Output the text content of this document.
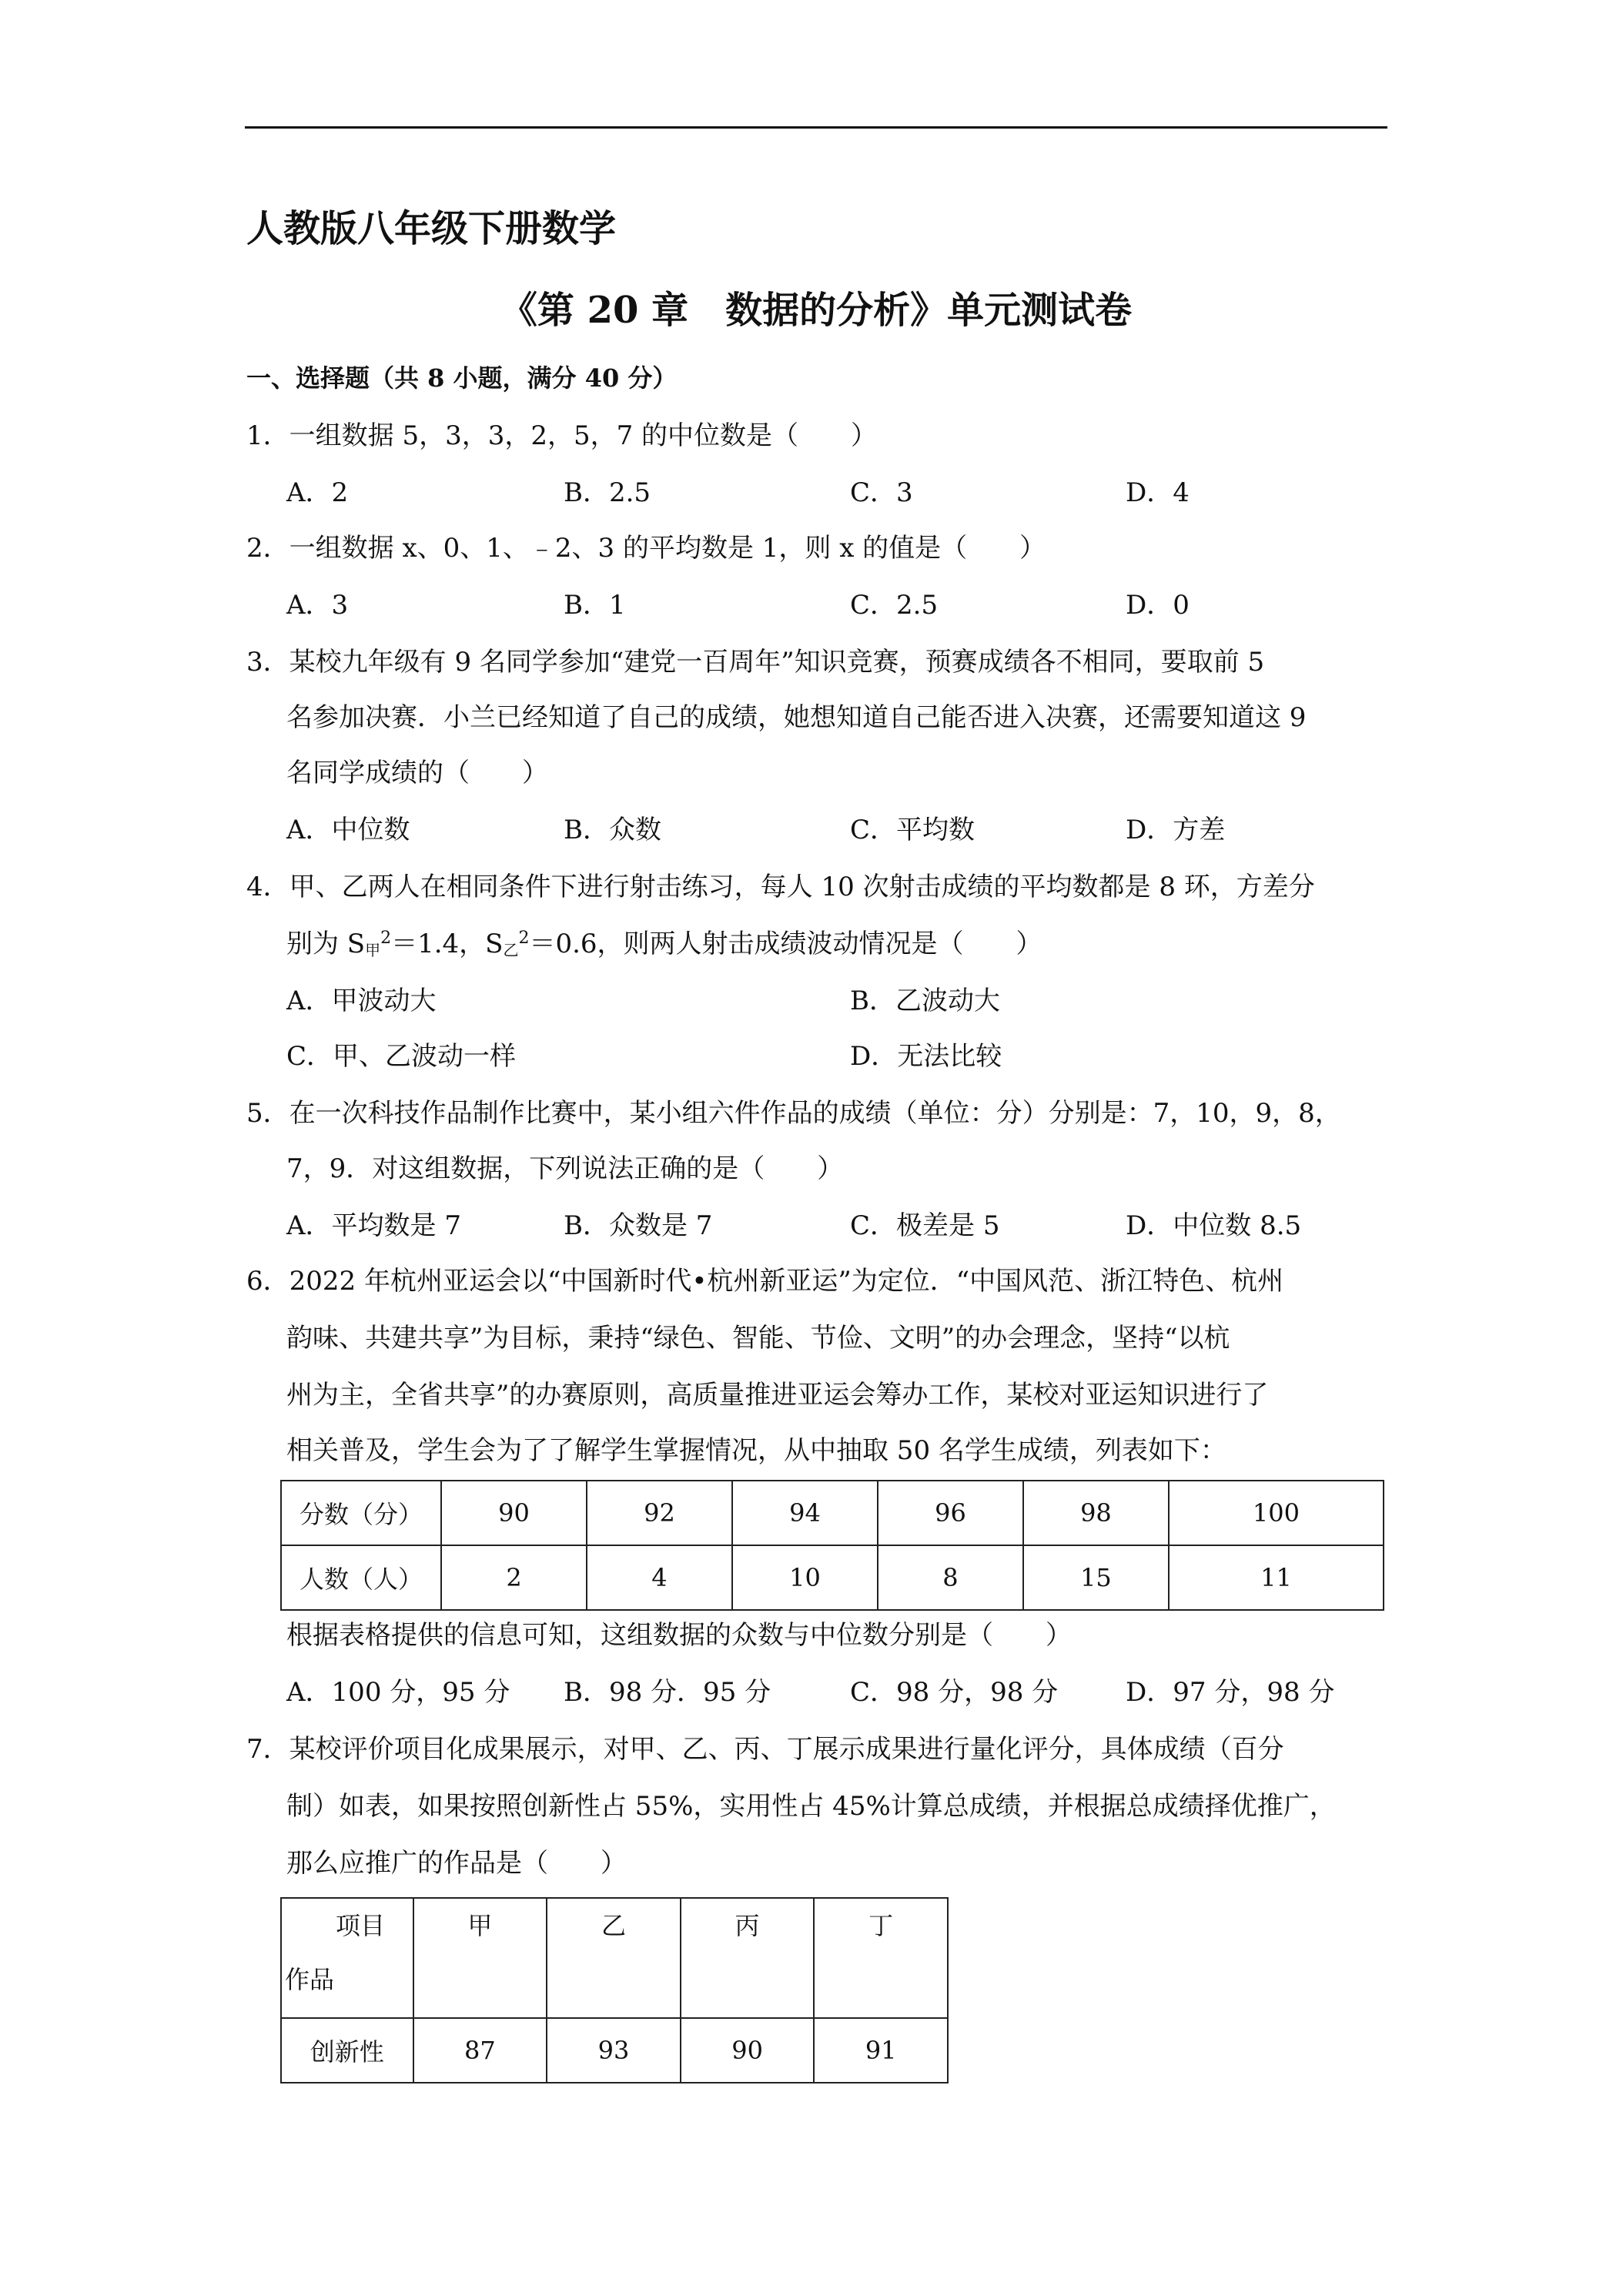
人教版八年级下册数学
《第 20 章　数据的分析》单元测试卷
一、选择题（共 8 小题，满分 40 分）
1．一组数据 5，3，3，2，5，7 的中位数是（　　）
A．2	B．2.5	C．3	D．4
2．一组数据 x、0、1、﹣2、3 的平均数是 1，则 x 的值是（　　）
A．3	B．1	C．2.5	D．0
3．某校九年级有 9 名同学参加“建党一百周年”知识竞赛，预赛成绩各不相同，要取前 5
名参加决赛．小兰已经知道了自己的成绩，她想知道自己能否进入决赛，还需要知道这 9
名同学成绩的（　　）
A．中位数	B．众数	C．平均数	D．方差
4．甲、乙两人在相同条件下进行射击练习，每人 10 次射击成绩的平均数都是 8 环，方差分
别为 $S_甲^2=1.4$，$S_乙^2=0.6$，则两人射击成绩波动情况是（　　）
A．甲波动大	B．乙波动大
C．甲、乙波动一样	D．无法比较
5．在一次科技作品制作比赛中，某小组六件作品的成绩（单位：分）分别是：7，10，9，8，
7，9．对这组数据，下列说法正确的是（　　）
A．平均数是 7	B．众数是 7	C．极差是 5	D．中位数 8.5
6．2022 年杭州亚运会以“中国新时代•杭州新亚运”为定位．“中国风范、浙江特色、杭州
韵味、共建共享”为目标，秉持“绿色、智能、节俭、文明”的办会理念，坚持“以杭
州为主，全省共享”的办赛原则，高质量推进亚运会筹办工作，某校对亚运知识进行了
相关普及，学生会为了了解学生掌握情况，从中抽取 50 名学生成绩，列表如下：
分数（分）	90	92	94	96	98	100
人数（人）	2	4	10	8	15	11
根据表格提供的信息可知，这组数据的众数与中位数分别是（　　）
A．100 分，95 分 B．98 分．95 分	C．98 分，98 分	D．97 分，98 分
7．某校评价项目化成果展示，对甲、乙、丙、丁展示成果进行量化评分，具体成绩（百分
制）如表，如果按照创新性占 55%，实用性占 45%计算总成绩，并根据总成绩择优推广，
那么应推广的作品是（　　）
项目
作品	甲	乙	丙	丁
创新性	87	93	90	91
